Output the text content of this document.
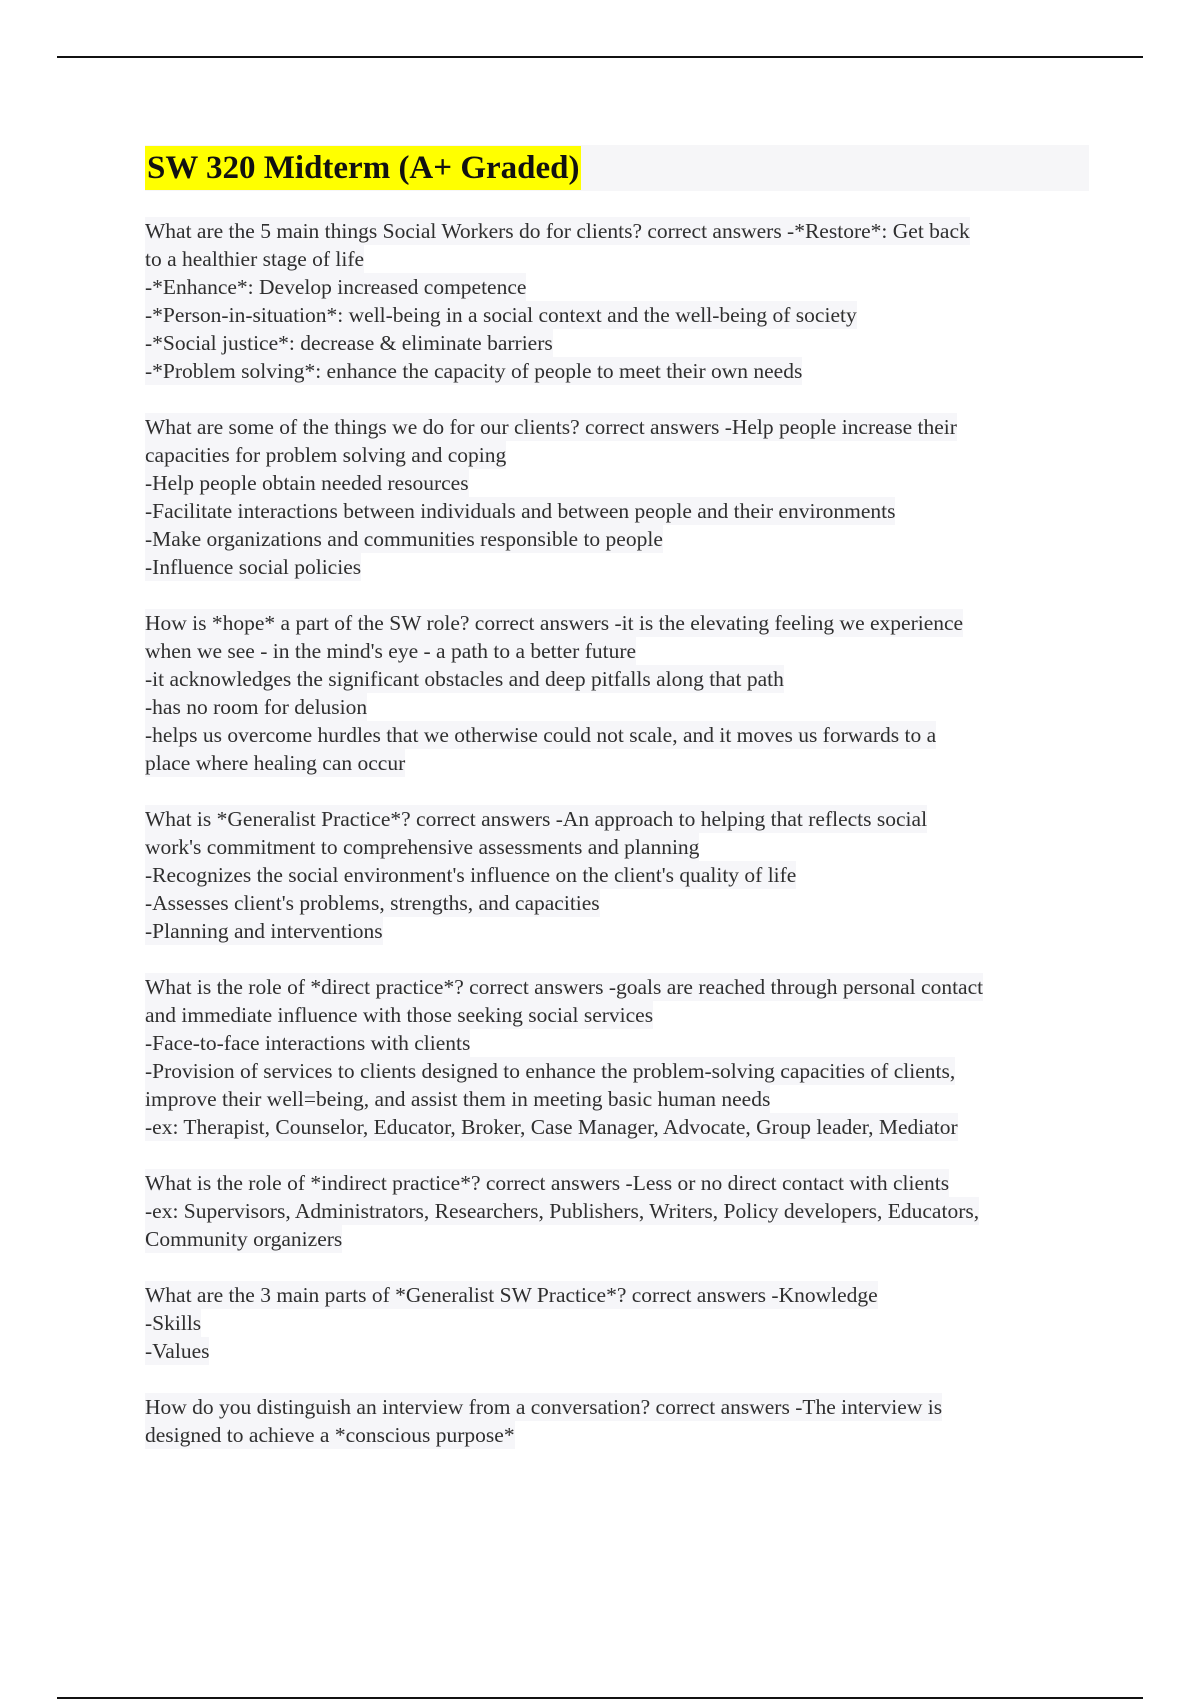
SW 320 Midterm (A+ Graded)
What are the 5 main things Social Workers do for clients? correct answers -*Restore*: Get back
to a healthier stage of life
-*Enhance*: Develop increased competence
-*Person-in-situation*: well-being in a social context and the well-being of society
-*Social justice*: decrease & eliminate barriers
-*Problem solving*: enhance the capacity of people to meet their own needs
What are some of the things we do for our clients? correct answers -Help people increase their
capacities for problem solving and coping
-Help people obtain needed resources
-Facilitate interactions between individuals and between people and their environments
-Make organizations and communities responsible to people
-Influence social policies
How is *hope* a part of the SW role? correct answers -it is the elevating feeling we experience
when we see - in the mind's eye - a path to a better future
-it acknowledges the significant obstacles and deep pitfalls along that path
-has no room for delusion
-helps us overcome hurdles that we otherwise could not scale, and it moves us forwards to a
place where healing can occur
What is *Generalist Practice*? correct answers -An approach to helping that reflects social
work's commitment to comprehensive assessments and planning
-Recognizes the social environment's influence on the client's quality of life
-Assesses client's problems, strengths, and capacities
-Planning and interventions
What is the role of *direct practice*? correct answers -goals are reached through personal contact
and immediate influence with those seeking social services
-Face-to-face interactions with clients
-Provision of services to clients designed to enhance the problem-solving capacities of clients,
improve their well=being, and assist them in meeting basic human needs
-ex: Therapist, Counselor, Educator, Broker, Case Manager, Advocate, Group leader, Mediator
What is the role of *indirect practice*? correct answers -Less or no direct contact with clients
-ex: Supervisors, Administrators, Researchers, Publishers, Writers, Policy developers, Educators,
Community organizers
What are the 3 main parts of *Generalist SW Practice*? correct answers -Knowledge
-Skills
-Values
How do you distinguish an interview from a conversation? correct answers -The interview is
designed to achieve a *conscious purpose*
